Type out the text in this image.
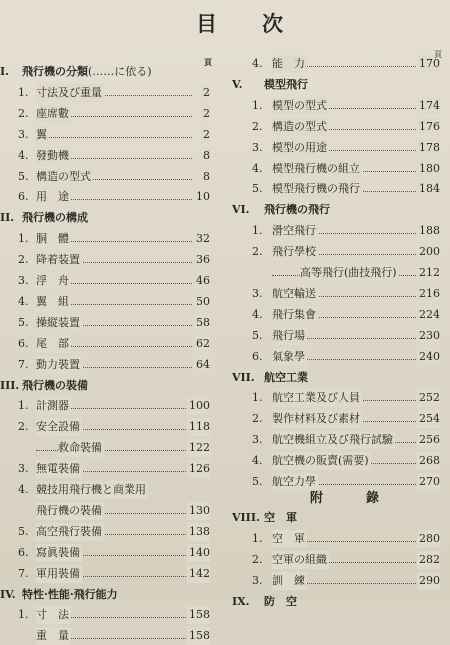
目 次
I. 飛行機の分類(……に依る)
頁
1. 寸法及び重量	2
2. 座席數	2
3. 翼	2
4. 發動機	8
5. 構造の型式	8
6. 用　途	10
II. 飛行機の構成
1. 胴　體	32
2. 降着装置	36
3. 浮　舟	46
4. 翼　組	50
5. 操縦装置	58
6. 尾　部	62
7. 動力裝置	64
III. 飛行機の裝備
1. 計測器	100
2. 安全設備	118
救命裝備	122
3. 無電裝備	126
4. 競技用飛行機と商業用
飛行機の裝備	130
5. 高空飛行裝備	138
6. 寫眞裝備	140
7. 軍用裝備	142
IV. 特性·性能·飛行能力
1. 寸　法	158
重　量	158
4. 能　力	170
頁
V. 模型飛行
1. 模型の型式	174
2. 構造の型式	176
3. 模型の用途	178
4. 模型飛行機の組立	180
5. 模型飛行機の飛行	184
VI. 飛行機の飛行
1. 滑空飛行	188
2. 飛行學校	200
高等飛行(曲技飛行) 212
3. 航空輸送	216
4. 飛行集會	224
5. 飛行場	230
6. 氣象學	240
VII. 航空工業
1. 航空工業及び人員	252
2. 製作材料及び素材	254
3. 航空機組立及び飛行試驗 256
4. 航空機の販賣(需要)	268
5. 航空力學	270
VIII. 空　軍
1. 空　軍	280
2. 空軍の組織	282
3. 訓　練	290
IX. 防　空
附	錄
